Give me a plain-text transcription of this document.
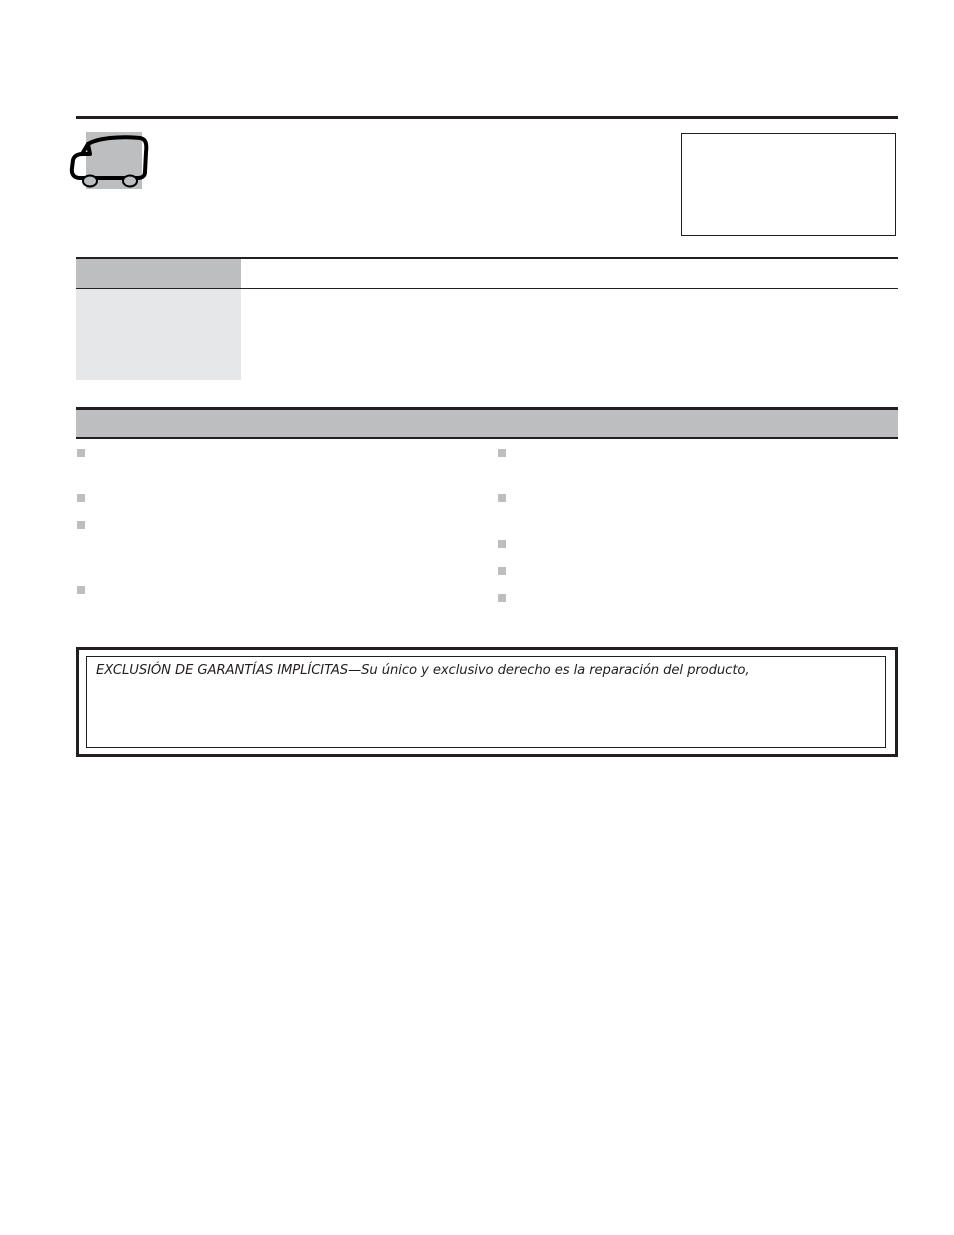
EXCLUSIÓN DE GARANTÍAS IMPLÍCITAS—Su único y exclusivo derecho es la reparación del producto,
